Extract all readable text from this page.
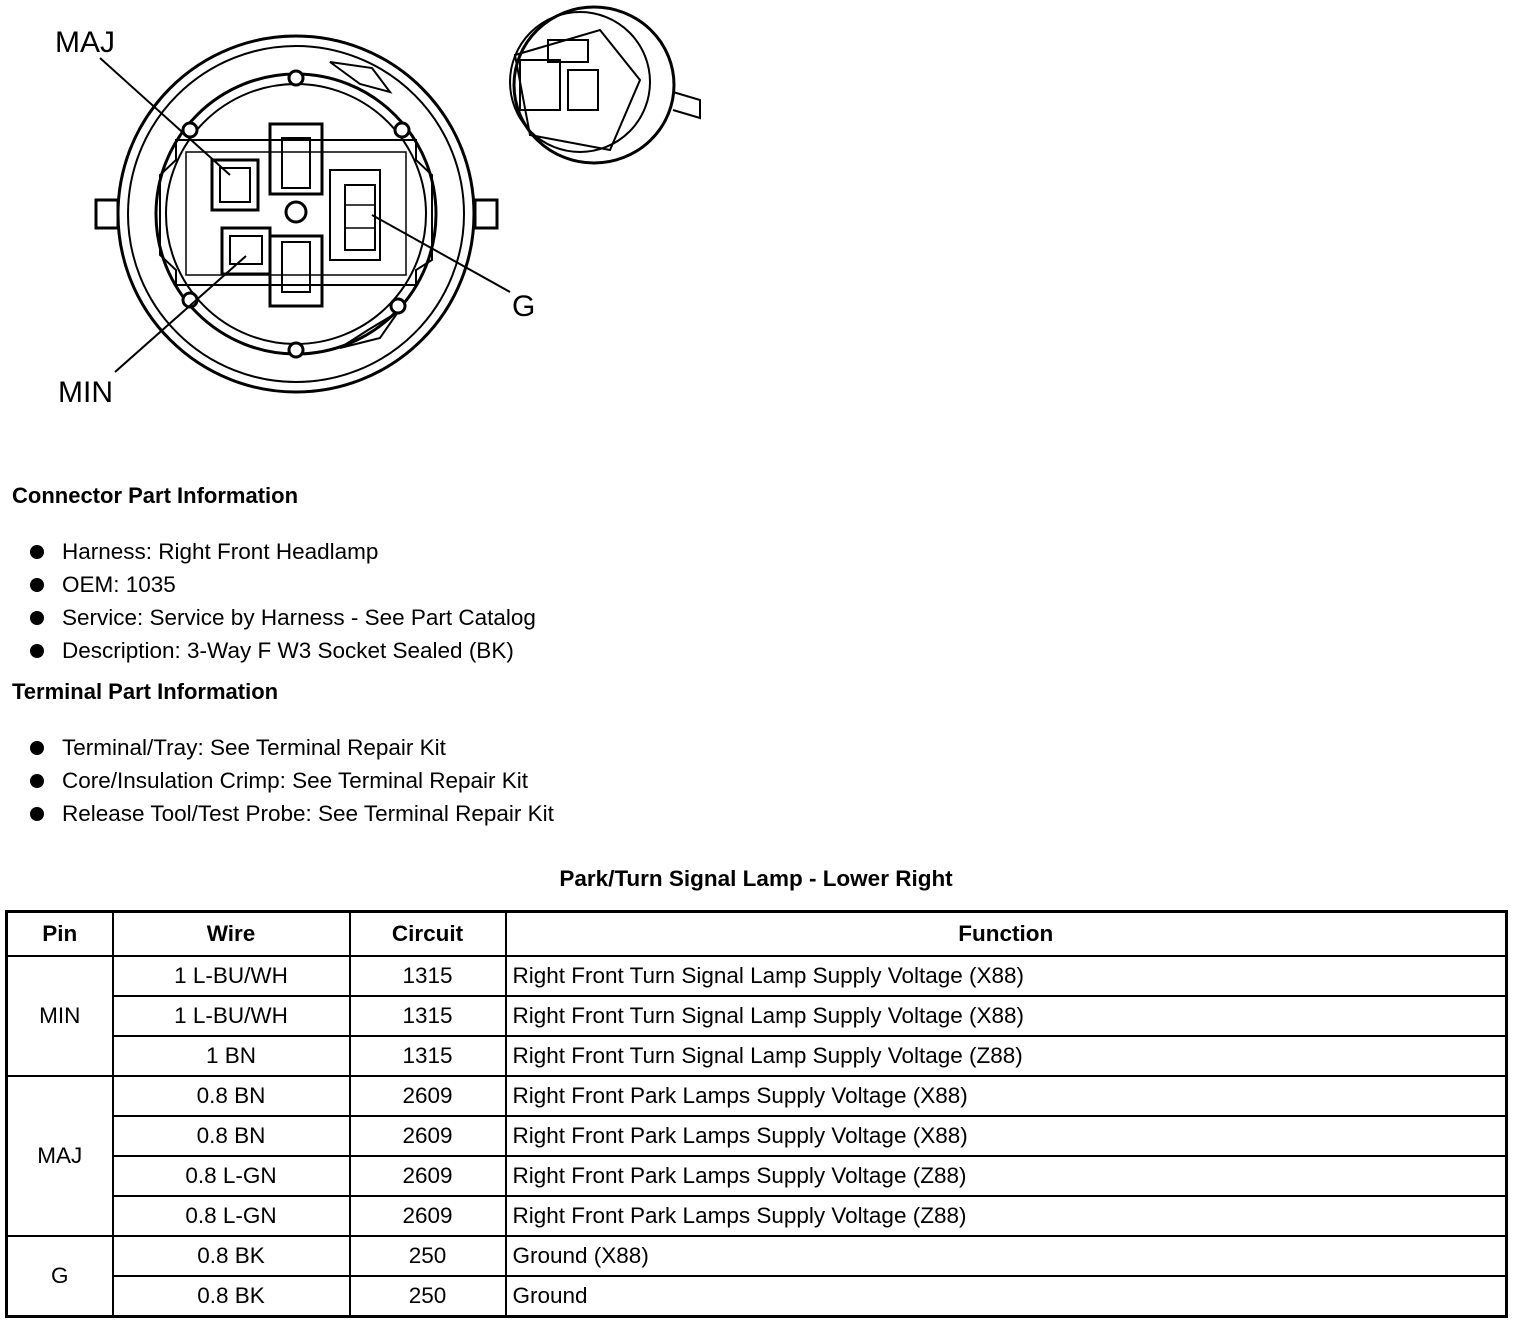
MAJ
MIN
G
Connector Part Information
Harness: Right Front Headlamp
OEM: 1035
Service: Service by Harness - See Part Catalog
Description: 3-Way F W3 Socket Sealed (BK)
Terminal Part Information
Terminal/Tray: See Terminal Repair Kit
Core/Insulation Crimp: See Terminal Repair Kit
Release Tool/Test Probe: See Terminal Repair Kit
Park/Turn Signal Lamp - Lower Right
Pin	Wire	Circuit	Function
MIN	1 L-BU/WH	1315	Right Front Turn Signal Lamp Supply Voltage (X88)
	1 L-BU/WH	1315	Right Front Turn Signal Lamp Supply Voltage (X88)
	1 BN	1315	Right Front Turn Signal Lamp Supply Voltage (Z88)
MAJ	0.8 BN	2609	Right Front Park Lamps Supply Voltage (X88)
	0.8 BN	2609	Right Front Park Lamps Supply Voltage (X88)
	0.8 L-GN	2609	Right Front Park Lamps Supply Voltage (Z88)
	0.8 L-GN	2609	Right Front Park Lamps Supply Voltage (Z88)
G	0.8 BK	250	Ground (X88)
	0.8 BK	250	Ground
